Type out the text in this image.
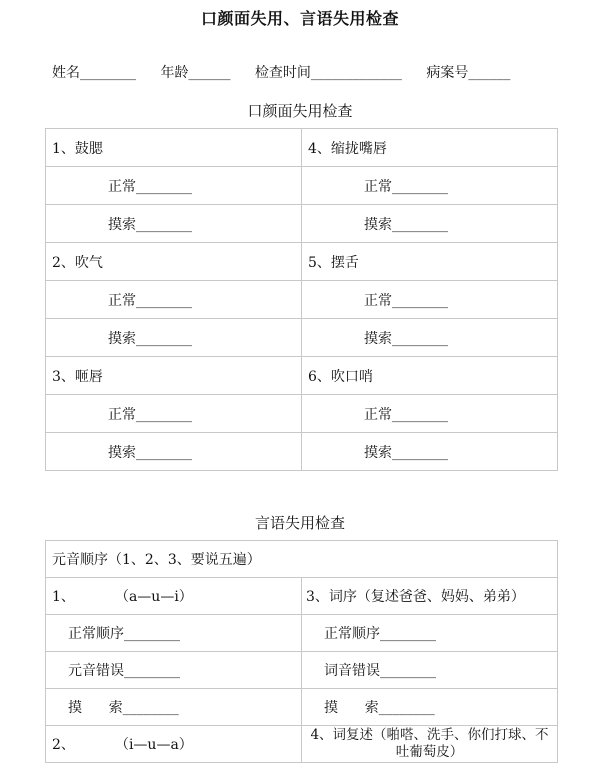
口颜面失用、言语失用检查
姓名________ 年龄______ 检查时间_____________ 病案号______
口颜面失用检查
1、鼓腮	4、缩拢嘴唇
正常________	正常________
摸索________	摸索________
2、吹气	5、摆舌
正常________	正常________
摸索________	摸索________
3、咂唇	6、吹口哨
正常________	正常________
摸索________	摸索________
言语失用检查
元音顺序（1、2、3、要说五遍）	
1、         （a—u—i）	3、词序（复述爸爸、妈妈、弟弟）
正常顺序________	正常顺序________
元音错误________	词音错误________
摸      索________	摸      索________
2、         （i—u—a）	4、词复述（啪嗒、洗手、你们打球、不吐葡萄皮）
